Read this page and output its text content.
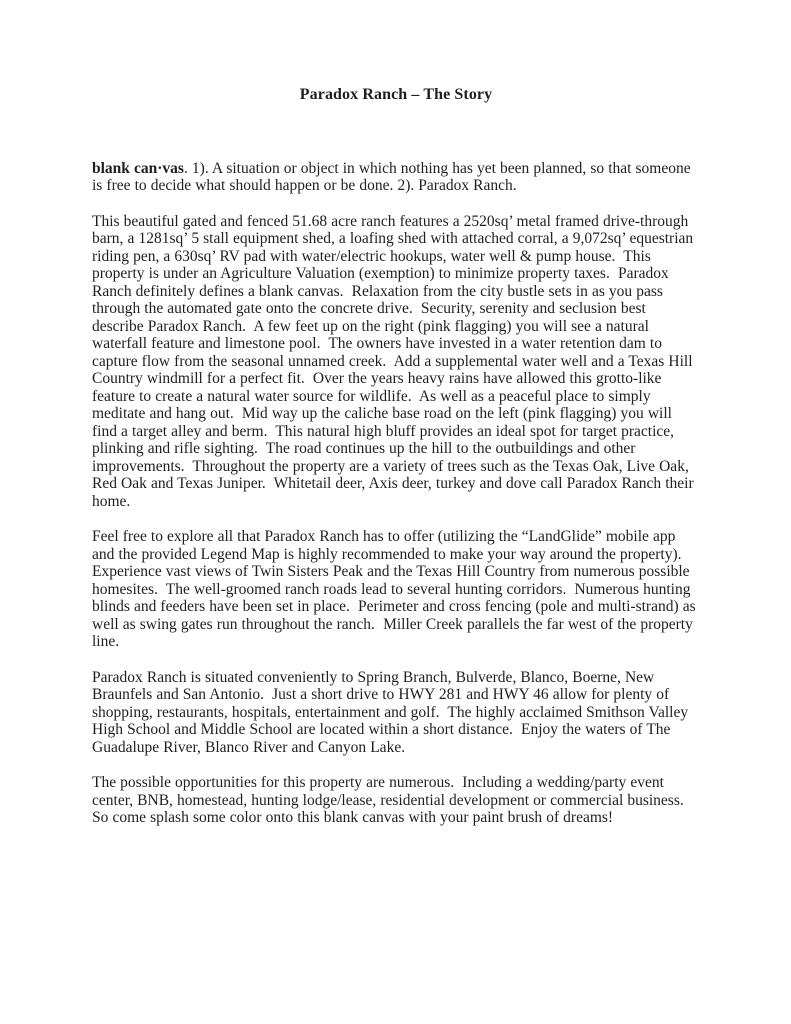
Paradox Ranch – The Story

blank can·vas. 1). A situation or object in which nothing has yet been planned, so that someone is free to decide what should happen or be done. 2). Paradox Ranch.

This beautiful gated and fenced 51.68 acre ranch features a 2520sq’ metal framed drive-through barn, a 1281sq’ 5 stall equipment shed, a loafing shed with attached corral, a 9,072sq’ equestrian riding pen, a 630sq’ RV pad with water/electric hookups, water well & pump house.  This property is under an Agriculture Valuation (exemption) to minimize property taxes.  Paradox Ranch definitely defines a blank canvas.  Relaxation from the city bustle sets in as you pass through the automated gate onto the concrete drive.  Security, serenity and seclusion best describe Paradox Ranch.  A few feet up on the right (pink flagging) you will see a natural waterfall feature and limestone pool.  The owners have invested in a water retention dam to capture flow from the seasonal unnamed creek.  Add a supplemental water well and a Texas Hill Country windmill for a perfect fit.  Over the years heavy rains have allowed this grotto-like feature to create a natural water source for wildlife.  As well as a peaceful place to simply meditate and hang out.  Mid way up the caliche base road on the left (pink flagging) you will find a target alley and berm.  This natural high bluff provides an ideal spot for target practice, plinking and rifle sighting.  The road continues up the hill to the outbuildings and other improvements.  Throughout the property are a variety of trees such as the Texas Oak, Live Oak, Red Oak and Texas Juniper.  Whitetail deer, Axis deer, turkey and dove call Paradox Ranch their home.

Feel free to explore all that Paradox Ranch has to offer (utilizing the “LandGlide” mobile app and the provided Legend Map is highly recommended to make your way around the property).  Experience vast views of Twin Sisters Peak and the Texas Hill Country from numerous possible homesites.  The well-groomed ranch roads lead to several hunting corridors.  Numerous hunting blinds and feeders have been set in place.  Perimeter and cross fencing (pole and multi-strand) as well as swing gates run throughout the ranch.  Miller Creek parallels the far west of the property line.

Paradox Ranch is situated conveniently to Spring Branch, Bulverde, Blanco, Boerne, New Braunfels and San Antonio.  Just a short drive to HWY 281 and HWY 46 allow for plenty of shopping, restaurants, hospitals, entertainment and golf.  The highly acclaimed Smithson Valley High School and Middle School are located within a short distance.  Enjoy the waters of The Guadalupe River, Blanco River and Canyon Lake.

The possible opportunities for this property are numerous.  Including a wedding/party event center, BNB, homestead, hunting lodge/lease, residential development or commercial business.  So come splash some color onto this blank canvas with your paint brush of dreams!
